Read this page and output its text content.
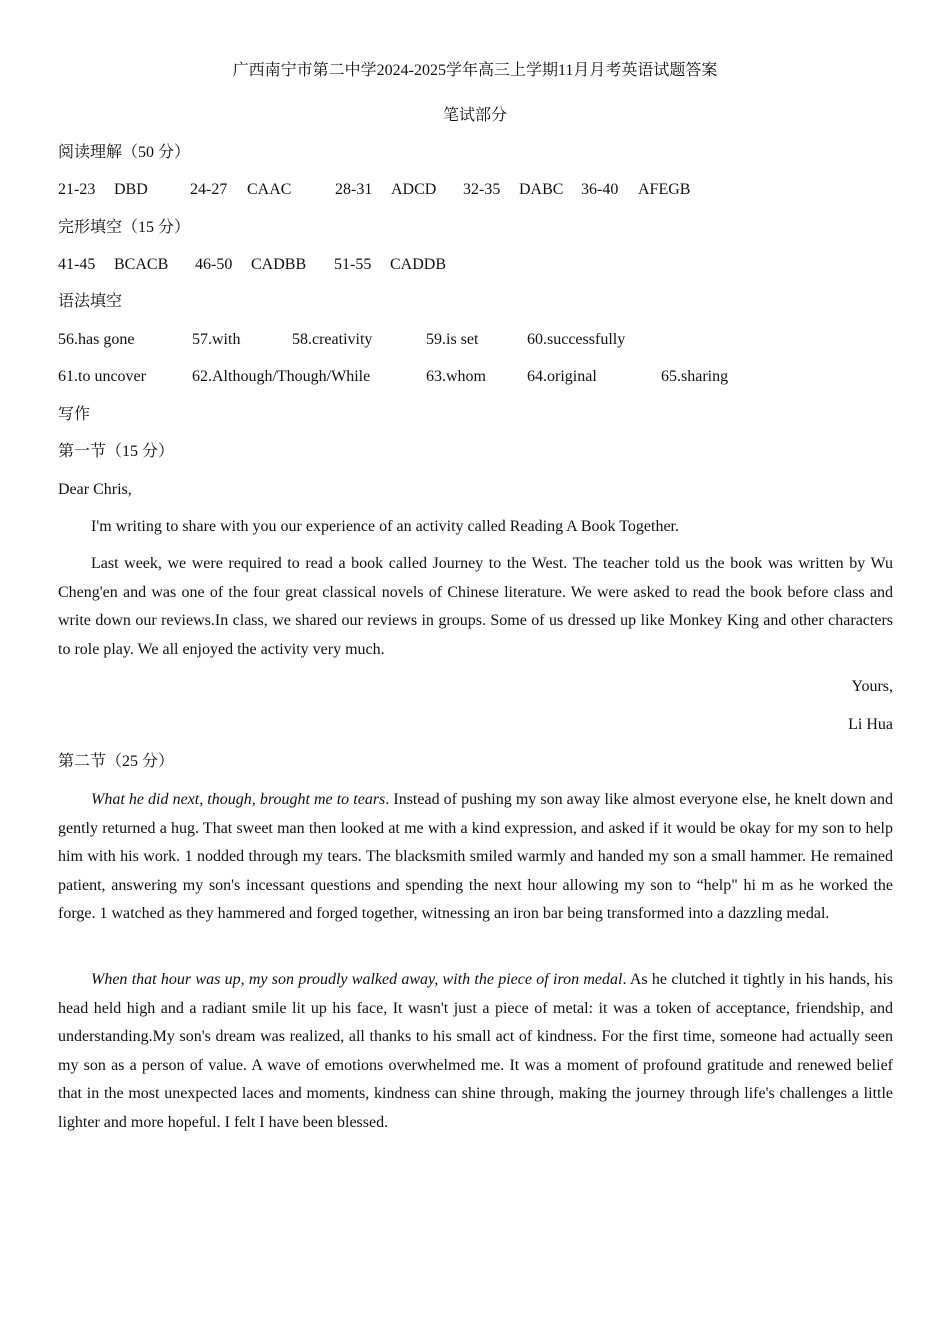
广西南宁市第二中学2024-2025学年高三上学期11月月考英语试题答案
笔试部分
阅读理解（50 分）
21-23 DBD	24-27 CAAC	28-31 ADCD 32-35 DABC 36-40 AFEGB
完形填空（15 分）
41-45 BCACB 46-50 CADBB 51-55 CADDB
语法填空
56.has gone	57.with	58.creativity	59.is set	60.successfully
61.to uncover	62.Although/Though/While	63.whom	64.original	65.sharing
写作
第一节（15 分）
Dear Chris,

I'm writing to share with you our experience of an activity called Reading A Book Together.

Last week, we were required to read a book called Journey to the West. The teacher told us the book was written by Wu Cheng'en and was one of the four great classical novels of Chinese literature. We were asked to read the book before class and write down our reviews.In class, we shared our reviews in groups. Some of us dressed up like Monkey King and other characters to role play. We all enjoyed the activity very much.

Yours,
Li Hua
第二节（25 分）

What he did next, though, brought me to tears. Instead of pushing my son away like almost everyone else, he knelt down and gently returned a hug. That sweet man then looked at me with a kind expression, and asked if it would be okay for my son to help him with his work. 1 nodded through my tears. The blacksmith smiled warmly and handed my son a small hammer. He remained patient, answering my son's incessant questions and spending the next hour allowing my son to “help" hi m as he worked the forge. 1 watched as they hammered and forged together, witnessing an iron bar being transformed into a dazzling medal.

When that hour was up, my son proudly walked away, with the piece of iron medal. As he clutched it tightly in his hands, his head held high and a radiant smile lit up his face, It wasn't just a piece of metal: it was a token of acceptance, friendship, and understanding.My son's dream was realized, all thanks to his small act of kindness. For the first time, someone had actually seen my son as a person of value. A wave of emotions overwhelmed me. It was a moment of profound gratitude and renewed belief that in the most unexpected laces and moments, kindness can shine through, making the journey through life's challenges a little lighter and more hopeful. I felt I have been blessed.
